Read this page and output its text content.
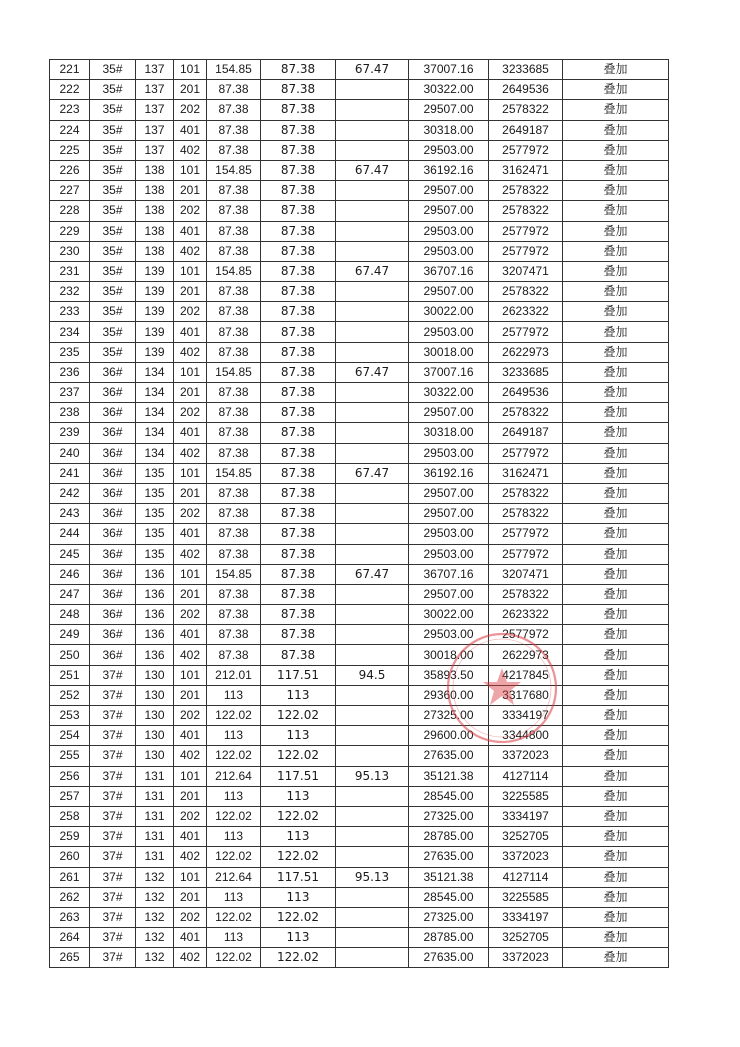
221	35#	137	101	154.85	87.38	67.47	37007.16	3233685	叠加
222	35#	137	201	87.38	87.38		30322.00	2649536	叠加
223	35#	137	202	87.38	87.38		29507.00	2578322	叠加
224	35#	137	401	87.38	87.38		30318.00	2649187	叠加
225	35#	137	402	87.38	87.38		29503.00	2577972	叠加
226	35#	138	101	154.85	87.38	67.47	36192.16	3162471	叠加
227	35#	138	201	87.38	87.38		29507.00	2578322	叠加
228	35#	138	202	87.38	87.38		29507.00	2578322	叠加
229	35#	138	401	87.38	87.38		29503.00	2577972	叠加
230	35#	138	402	87.38	87.38		29503.00	2577972	叠加
231	35#	139	101	154.85	87.38	67.47	36707.16	3207471	叠加
232	35#	139	201	87.38	87.38		29507.00	2578322	叠加
233	35#	139	202	87.38	87.38		30022.00	2623322	叠加
234	35#	139	401	87.38	87.38		29503.00	2577972	叠加
235	35#	139	402	87.38	87.38		30018.00	2622973	叠加
236	36#	134	101	154.85	87.38	67.47	37007.16	3233685	叠加
237	36#	134	201	87.38	87.38		30322.00	2649536	叠加
238	36#	134	202	87.38	87.38		29507.00	2578322	叠加
239	36#	134	401	87.38	87.38		30318.00	2649187	叠加
240	36#	134	402	87.38	87.38		29503.00	2577972	叠加
241	36#	135	101	154.85	87.38	67.47	36192.16	3162471	叠加
242	36#	135	201	87.38	87.38		29507.00	2578322	叠加
243	36#	135	202	87.38	87.38		29507.00	2578322	叠加
244	36#	135	401	87.38	87.38		29503.00	2577972	叠加
245	36#	135	402	87.38	87.38		29503.00	2577972	叠加
246	36#	136	101	154.85	87.38	67.47	36707.16	3207471	叠加
247	36#	136	201	87.38	87.38		29507.00	2578322	叠加
248	36#	136	202	87.38	87.38		30022.00	2623322	叠加
249	36#	136	401	87.38	87.38		29503.00	2577972	叠加
250	36#	136	402	87.38	87.38		30018.00	2622973	叠加
251	37#	130	101	212.01	117.51	94.5	35893.50	4217845	叠加
252	37#	130	201	113	113		29360.00	3317680	叠加
253	37#	130	202	122.02	122.02		27325.00	3334197	叠加
254	37#	130	401	113	113		29600.00	3344800	叠加
255	37#	130	402	122.02	122.02		27635.00	3372023	叠加
256	37#	131	101	212.64	117.51	95.13	35121.38	4127114	叠加
257	37#	131	201	113	113		28545.00	3225585	叠加
258	37#	131	202	122.02	122.02		27325.00	3334197	叠加
259	37#	131	401	113	113		28785.00	3252705	叠加
260	37#	131	402	122.02	122.02		27635.00	3372023	叠加
261	37#	132	101	212.64	117.51	95.13	35121.38	4127114	叠加
262	37#	132	201	113	113		28545.00	3225585	叠加
263	37#	132	202	122.02	122.02		27325.00	3334197	叠加
264	37#	132	401	113	113		28785.00	3252705	叠加
265	37#	132	402	122.02	122.02		27635.00	3372023	叠加
